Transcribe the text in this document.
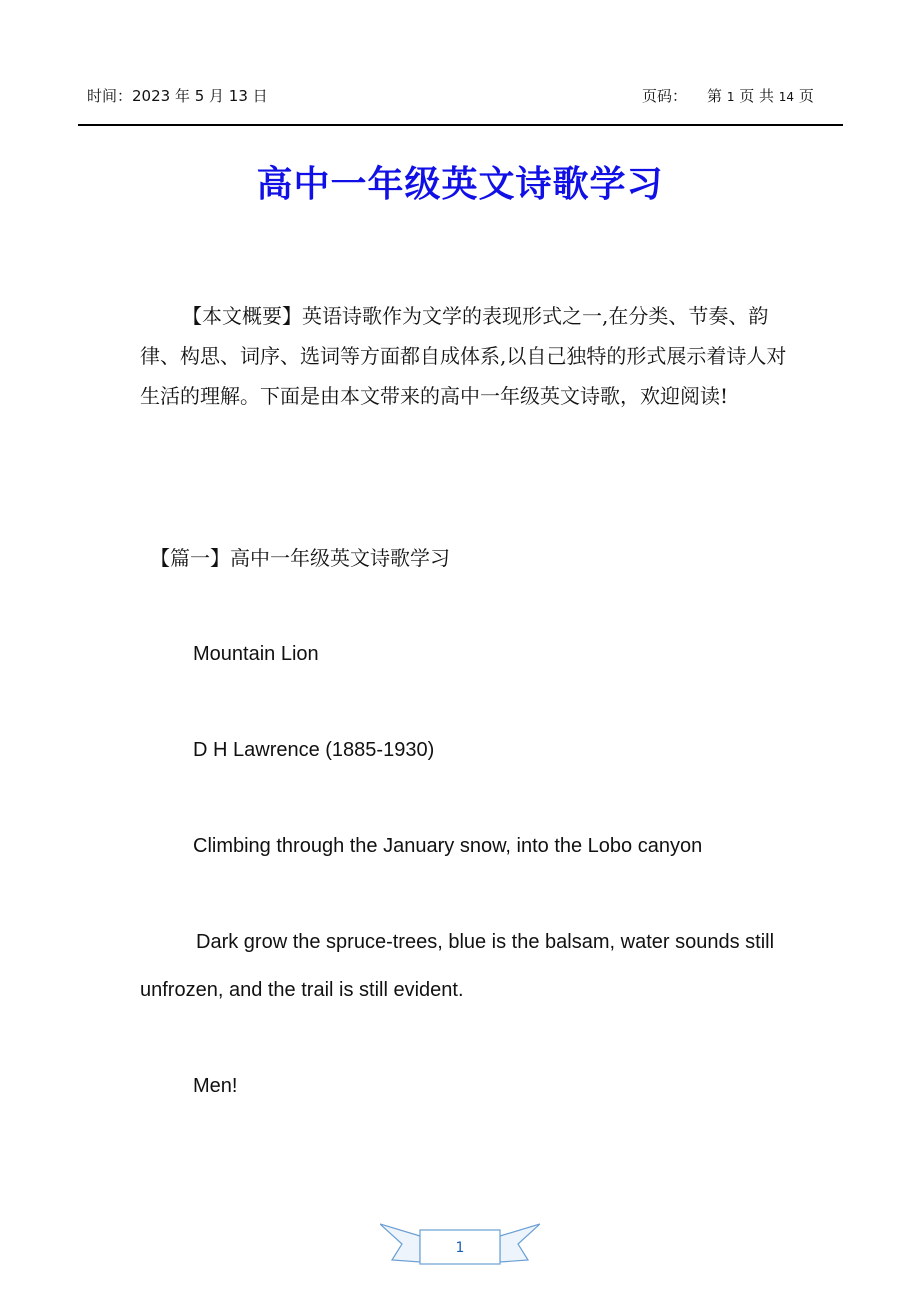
时间：2023 年 5 月 13 日	页码： 第 1 页 共 14 页
高中一年级英文诗歌学习

【本文概要】英语诗歌作为文学的表现形式之一,在分类、节奏、韵律、构思、词序、选词等方面都自成体系,以自己独特的形式展示着诗人对生活的理解。下面是由本文带来的高中一年级英文诗歌，欢迎阅读!

【篇一】高中一年级英文诗歌学习
Mountain Lion
D H Lawrence (1885-1930)
Climbing through the January snow, into the Lobo canyon

Dark grow the spruce-trees, blue is the balsam, water sounds still unfrozen, and the trail is still evident.

Men!
1
